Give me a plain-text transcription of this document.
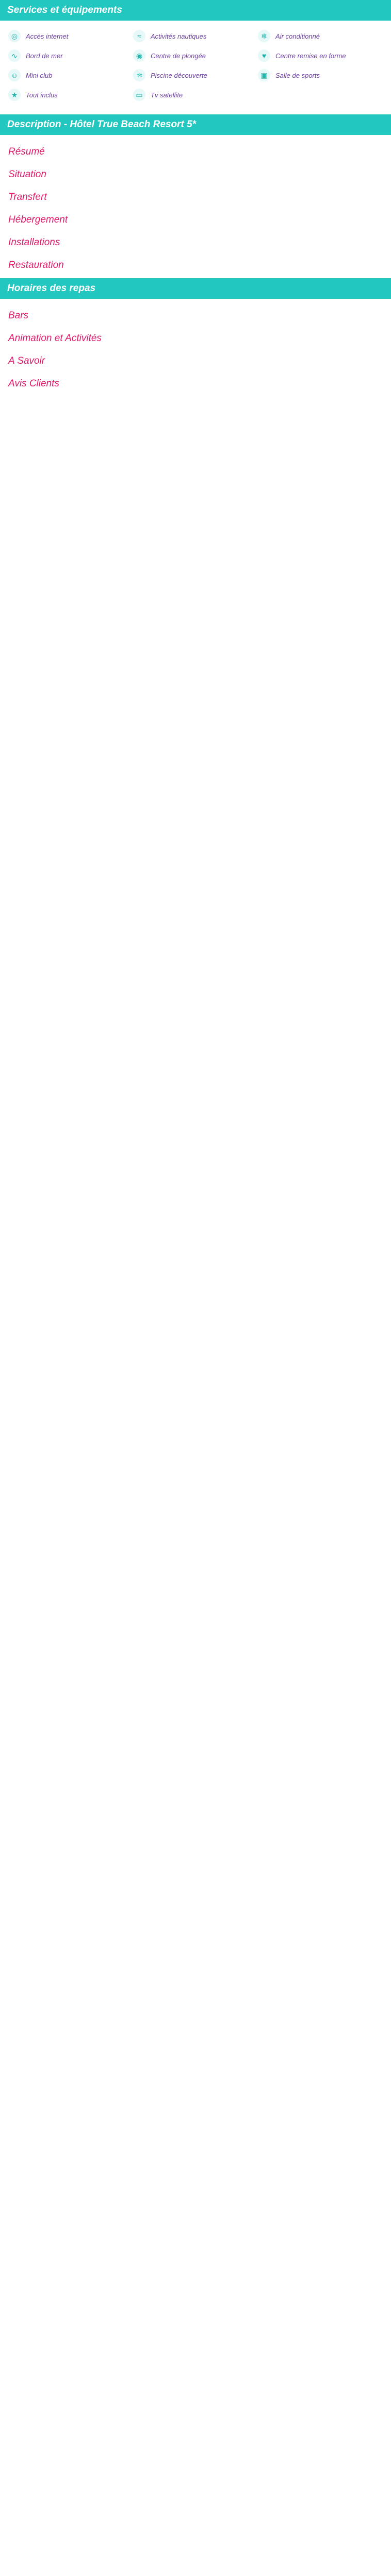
Services et équipements
◎	Accès internet	≈	Activités nautiques	❄	Air conditionné
∿	Bord de mer	◉	Centre de plongée	♥	Centre remise en forme
☺	Mini club	♒	Piscine découverte	▣	Salle de sports
★	Tout inclus	▭	Tv satellite
Description - Hôtel True Beach Resort 5*
Résumé
Situation
Transfert
Hébergement
Installations
Restauration
Horaires des repas
Bars
Animation et Activités
A Savoir
Avis Clients
